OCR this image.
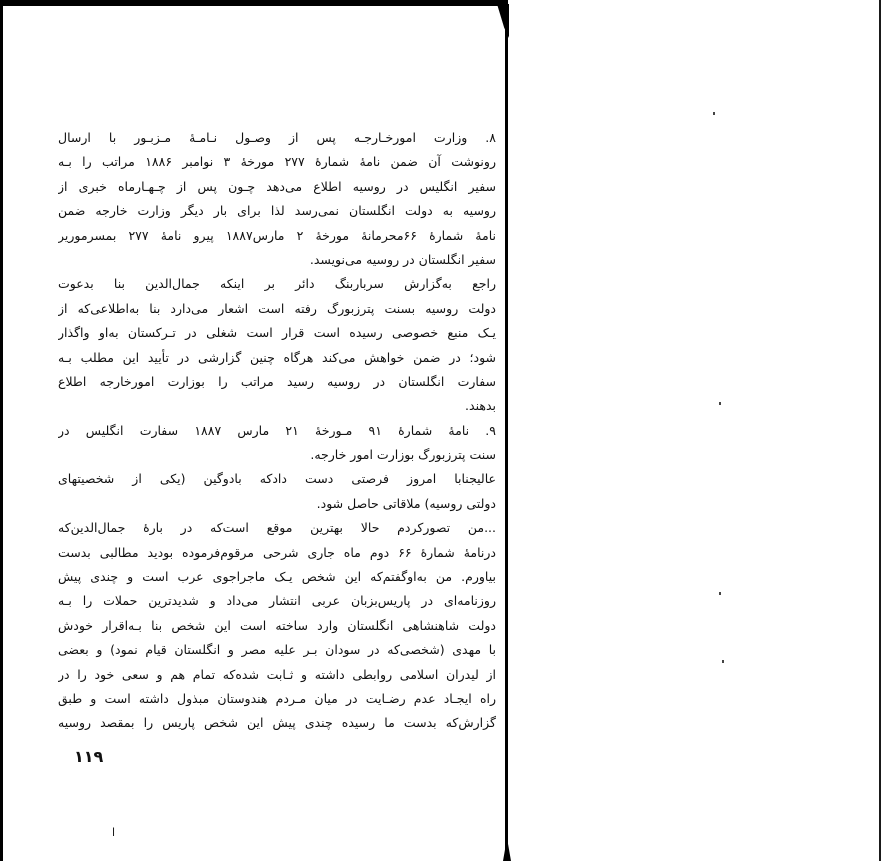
۸. وزارت امورخـارجـه پس از وصـول نـامـهٔ مـزبـور با ارسال
رونوشت آن ضمن نامهٔ شمارهٔ ۲۷۷ مورخهٔ ۳ نوامبر ۱۸۸۶ مراتب را بـه
سفیر انگلیس در روسیه اطلاع می‌دهد چـون پس از چـهـارماه خبری از
روسیه به دولت انگلستان نمی‌رسد لذا برای بار دیگر وزارت خارجه ضمن
نامهٔ شمارهٔ ۶۶محرمانهٔ مورخهٔ ۲ مارس۱۸۸۷ پیرو نامهٔ ۲۷۷ بمسرموریر
سفیر انگلستان در روسیه می‌نویسد.
راجع به‌گزارش سرباربنگ دائر بر اینکه جمال‌الدین بنا بدعوت
دولت روسیه بسنت پترزبورگ رفته است اشعار می‌دارد بنا به‌اطلاعی‌که از
یـک منبع خصوصی رسیده است قرار است شغلی در تـرکستان به‌او واگذار
شود؛ در ضمن خواهش می‌کند هرگاه چنین گزارشی در تأیید این مطلب بـه
سفارت انگلستان در روسیه رسید مراتب را بوزارت امورخارجه اطلاع
بدهند.
۹. نامهٔ شمارهٔ ۹۱ مـورخهٔ ۲۱ مارس ۱۸۸۷ سفارت انگلیس در
سنت پترزبورگ بوزارت امور خارجه.
عالیجنابا امروز فرصتی دست دادکه بادوگین (یکی از شخصیتهای
دولتی روسیه) ملاقاتی حاصل شود.
...من تصورکردم حالا بهترین موقع است‌که در بارهٔ جمال‌الدین‌که
درنامهٔ شمارهٔ ۶۶ دوم ماه جاری شرحی مرقوم‌فرموده بودید مطالبی بدست
بیاورم. من به‌اوگفتم‌که این شخص یـک ماجراجوی عرب است و چندی پیش
روزنامه‌ای در پاریس‌بزبان عربی انتشار می‌داد و شدیدترین حملات را بـه
دولت شاهنشاهی انگلستان وارد ساخته است این شخص بنا بـه‌اقرار خودش
با مهدی (شخصی‌که در سودان بـر علیه مصر و انگلستان قیام نمود) و بعضی
از لیدران اسلامی روابطی داشته و ثـابت شده‌که تمام هم و سعی خود را در
راه ایجـاد عدم رضـایت در میان مـردم هندوستان مبذول داشته است و طبق
گزارش‌که بدست ما رسیده چندی پیش این شخص پاریس را بمقصد روسیه
۱۱۹
ا
